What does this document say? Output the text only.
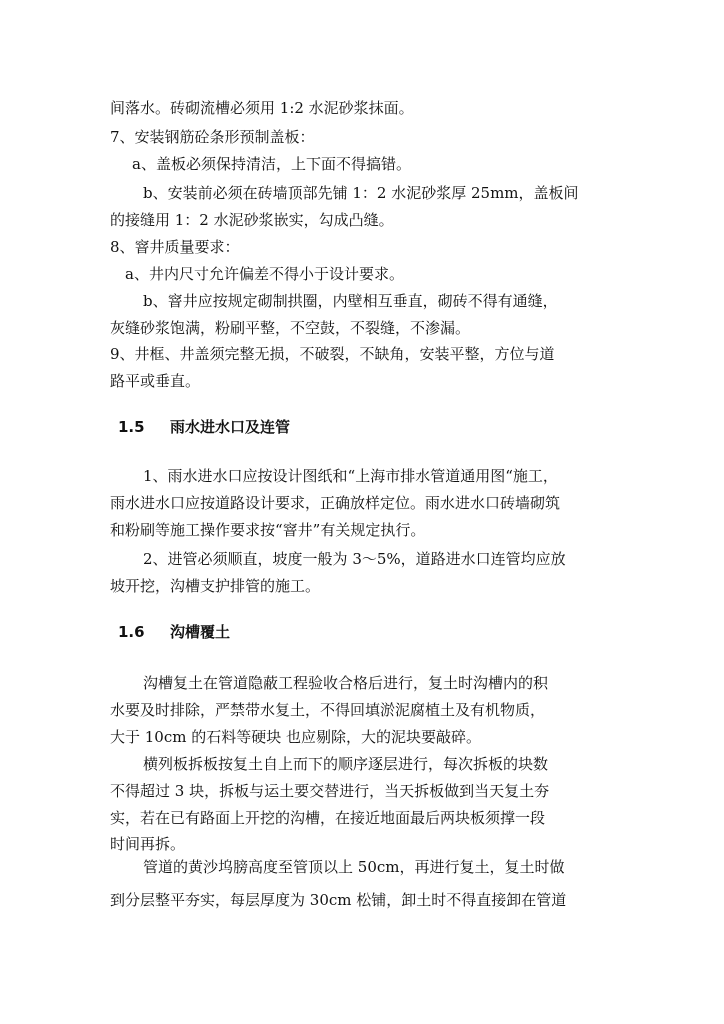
间落水。砖砌流槽必须用 1:2 水泥砂浆抹面。
7、安装钢筋砼条形预制盖板：
a、盖板必须保持清洁，上下面不得搞错。
b、安装前必须在砖墙顶部先铺 1：2 水泥砂浆厚 25mm，盖板间
的接缝用 1：2 水泥砂浆嵌实，勾成凸缝。
8、窨井质量要求：
a、井内尺寸允许偏差不得小于设计要求。
b、窨井应按规定砌制拱圈，内壁相互垂直，砌砖不得有通缝，
灰缝砂浆饱满，粉刷平整，不空鼓，不裂缝，不渗漏。
9、井框、井盖须完整无损，不破裂，不缺角，安装平整，方位与道
路平或垂直。
1.5 雨水进水口及连管
1、雨水进水口应按设计图纸和“上海市排水管道通用图“施工，
雨水进水口应按道路设计要求，正确放样定位。雨水进水口砖墙砌筑
和粉刷等施工操作要求按“窨井”有关规定执行。
2、进管必须顺直，坡度一般为 3～5%，道路进水口连管均应放
坡开挖，沟槽支护排管的施工。
1.6 沟槽覆土
沟槽复土在管道隐蔽工程验收合格后进行，复土时沟槽内的积
水要及时排除，严禁带水复土，不得回填淤泥腐植土及有机物质，
大于 10cm 的石料等硬块 也应剔除，大的泥块要敲碎。
横列板拆板按复土自上而下的顺序逐层进行，每次拆板的块数
不得超过 3 块，拆板与运土要交替进行，当天拆板做到当天复土夯
实，若在已有路面上开挖的沟槽，在接近地面最后两块板须撑一段
时间再拆。
管道的黄沙坞膀高度至管顶以上 50cm，再进行复土，复土时做
到分层整平夯实，每层厚度为 30cm 松铺，卸土时不得直接卸在管道
